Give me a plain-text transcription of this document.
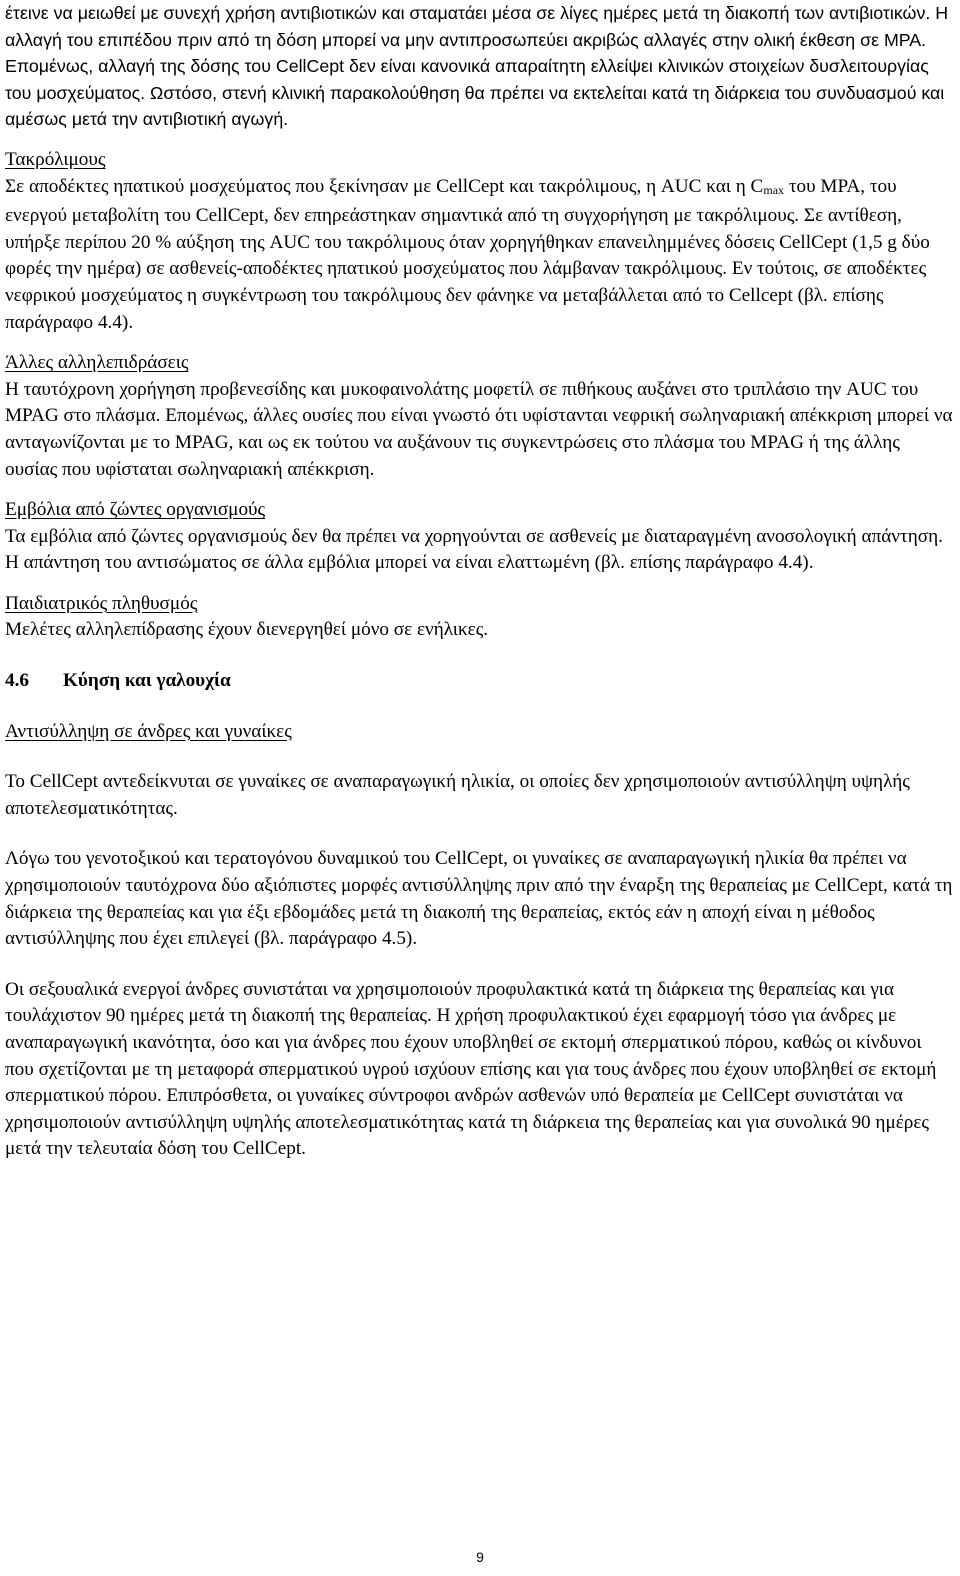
έτεινε να μειωθεί με συνεχή χρήση αντιβιοτικών και σταματάει μέσα σε λίγες ημέρες μετά τη διακοπή των αντιβιοτικών. Η αλλαγή του επιπέδου πριν από τη δόση μπορεί να μην αντιπροσωπεύει ακριβώς αλλαγές στην ολική έκθεση σε MPA. Επομένως, αλλαγή της δόσης του CellCept δεν είναι κανονικά απαραίτητη ελλείψει κλινικών στοιχείων δυσλειτουργίας του μοσχεύματος. Ωστόσο, στενή κλινική παρακολούθηση θα πρέπει να εκτελείται κατά τη διάρκεια του συνδυασμού και αμέσως μετά την αντιβιοτική αγωγή.

Τακρόλιμους

Σε αποδέκτες ηπατικού μοσχεύματος που ξεκίνησαν με CellCept και τακρόλιμους, η AUC και η Cmax του MPA, του ενεργού μεταβολίτη του CellCept, δεν επηρεάστηκαν σημαντικά από τη συγχορήγηση με τακρόλιμους. Σε αντίθεση, υπήρξε περίπου 20 % αύξηση της AUC του τακρόλιμους όταν χορηγήθηκαν επανειλημμένες δόσεις CellCept (1,5 g δύο φορές την ημέρα) σε ασθενείς-αποδέκτες ηπατικού μοσχεύματος που λάμβαναν τακρόλιμους. Εν τούτοις, σε αποδέκτες νεφρικού μοσχεύματος η συγκέντρωση του τακρόλιμους δεν φάνηκε να μεταβάλλεται από το Cellcept (βλ. επίσης παράγραφο 4.4).

Άλλες αλληλεπιδράσεις

Η ταυτόχρονη χορήγηση προβενεσίδης και μυκοφαινολάτης μοφετίλ σε πιθήκους αυξάνει στο τριπλάσιο την AUC του MPAG στο πλάσμα. Επομένως, άλλες ουσίες που είναι γνωστό ότι υφίστανται νεφρική σωληναριακή απέκκριση μπορεί να ανταγωνίζονται με το MPAG, και ως εκ τούτου να αυξάνουν τις συγκεντρώσεις στο πλάσμα του MPAG ή της άλλης ουσίας που υφίσταται σωληναριακή απέκκριση.

Εμβόλια από ζώντες οργανισμούς

Τα εμβόλια από ζώντες οργανισμούς δεν θα πρέπει να χορηγούνται σε ασθενείς με διαταραγμένη ανοσολογική απάντηση. Η απάντηση του αντισώματος σε άλλα εμβόλια μπορεί να είναι ελαττωμένη (βλ. επίσης παράγραφο 4.4).

Παιδιατρικός πληθυσμός

Μελέτες αλληλεπίδρασης έχουν διενεργηθεί μόνο σε ενήλικες.

4.6 Κύηση και γαλουχία

Αντισύλληψη σε άνδρες και γυναίκες

Το CellCept αντεδείκνυται σε γυναίκες σε αναπαραγωγική ηλικία, οι οποίες δεν χρησιμοποιούν αντισύλληψη υψηλής αποτελεσματικότητας.

Λόγω του γενοτοξικού και τερατογόνου δυναμικού του CellCept, οι γυναίκες σε αναπαραγωγική ηλικία θα πρέπει να χρησιμοποιούν ταυτόχρονα δύο αξιόπιστες μορφές αντισύλληψης πριν από την έναρξη της θεραπείας με CellCept, κατά τη διάρκεια της θεραπείας και για έξι εβδομάδες μετά τη διακοπή της θεραπείας, εκτός εάν η αποχή είναι η μέθοδος αντισύλληψης που έχει επιλεγεί (βλ. παράγραφο 4.5).

Οι σεξουαλικά ενεργοί άνδρες συνιστάται να χρησιμοποιούν προφυλακτικά κατά τη διάρκεια της θεραπείας και για τουλάχιστον 90 ημέρες μετά τη διακοπή της θεραπείας. Η χρήση προφυλακτικού έχει εφαρμογή τόσο για άνδρες με αναπαραγωγική ικανότητα, όσο και για άνδρες που έχουν υποβληθεί σε εκτομή σπερματικού πόρου, καθώς οι κίνδυνοι που σχετίζονται με τη μεταφορά σπερματικού υγρού ισχύουν επίσης και για τους άνδρες που έχουν υποβληθεί σε εκτομή σπερματικού πόρου. Επιπρόσθετα, οι γυναίκες σύντροφοι ανδρών ασθενών υπό θεραπεία με CellCept συνιστάται να χρησιμοποιούν αντισύλληψη υψηλής αποτελεσματικότητας κατά τη διάρκεια της θεραπείας και για συνολικά 90 ημέρες μετά την τελευταία δόση του CellCept.

9
